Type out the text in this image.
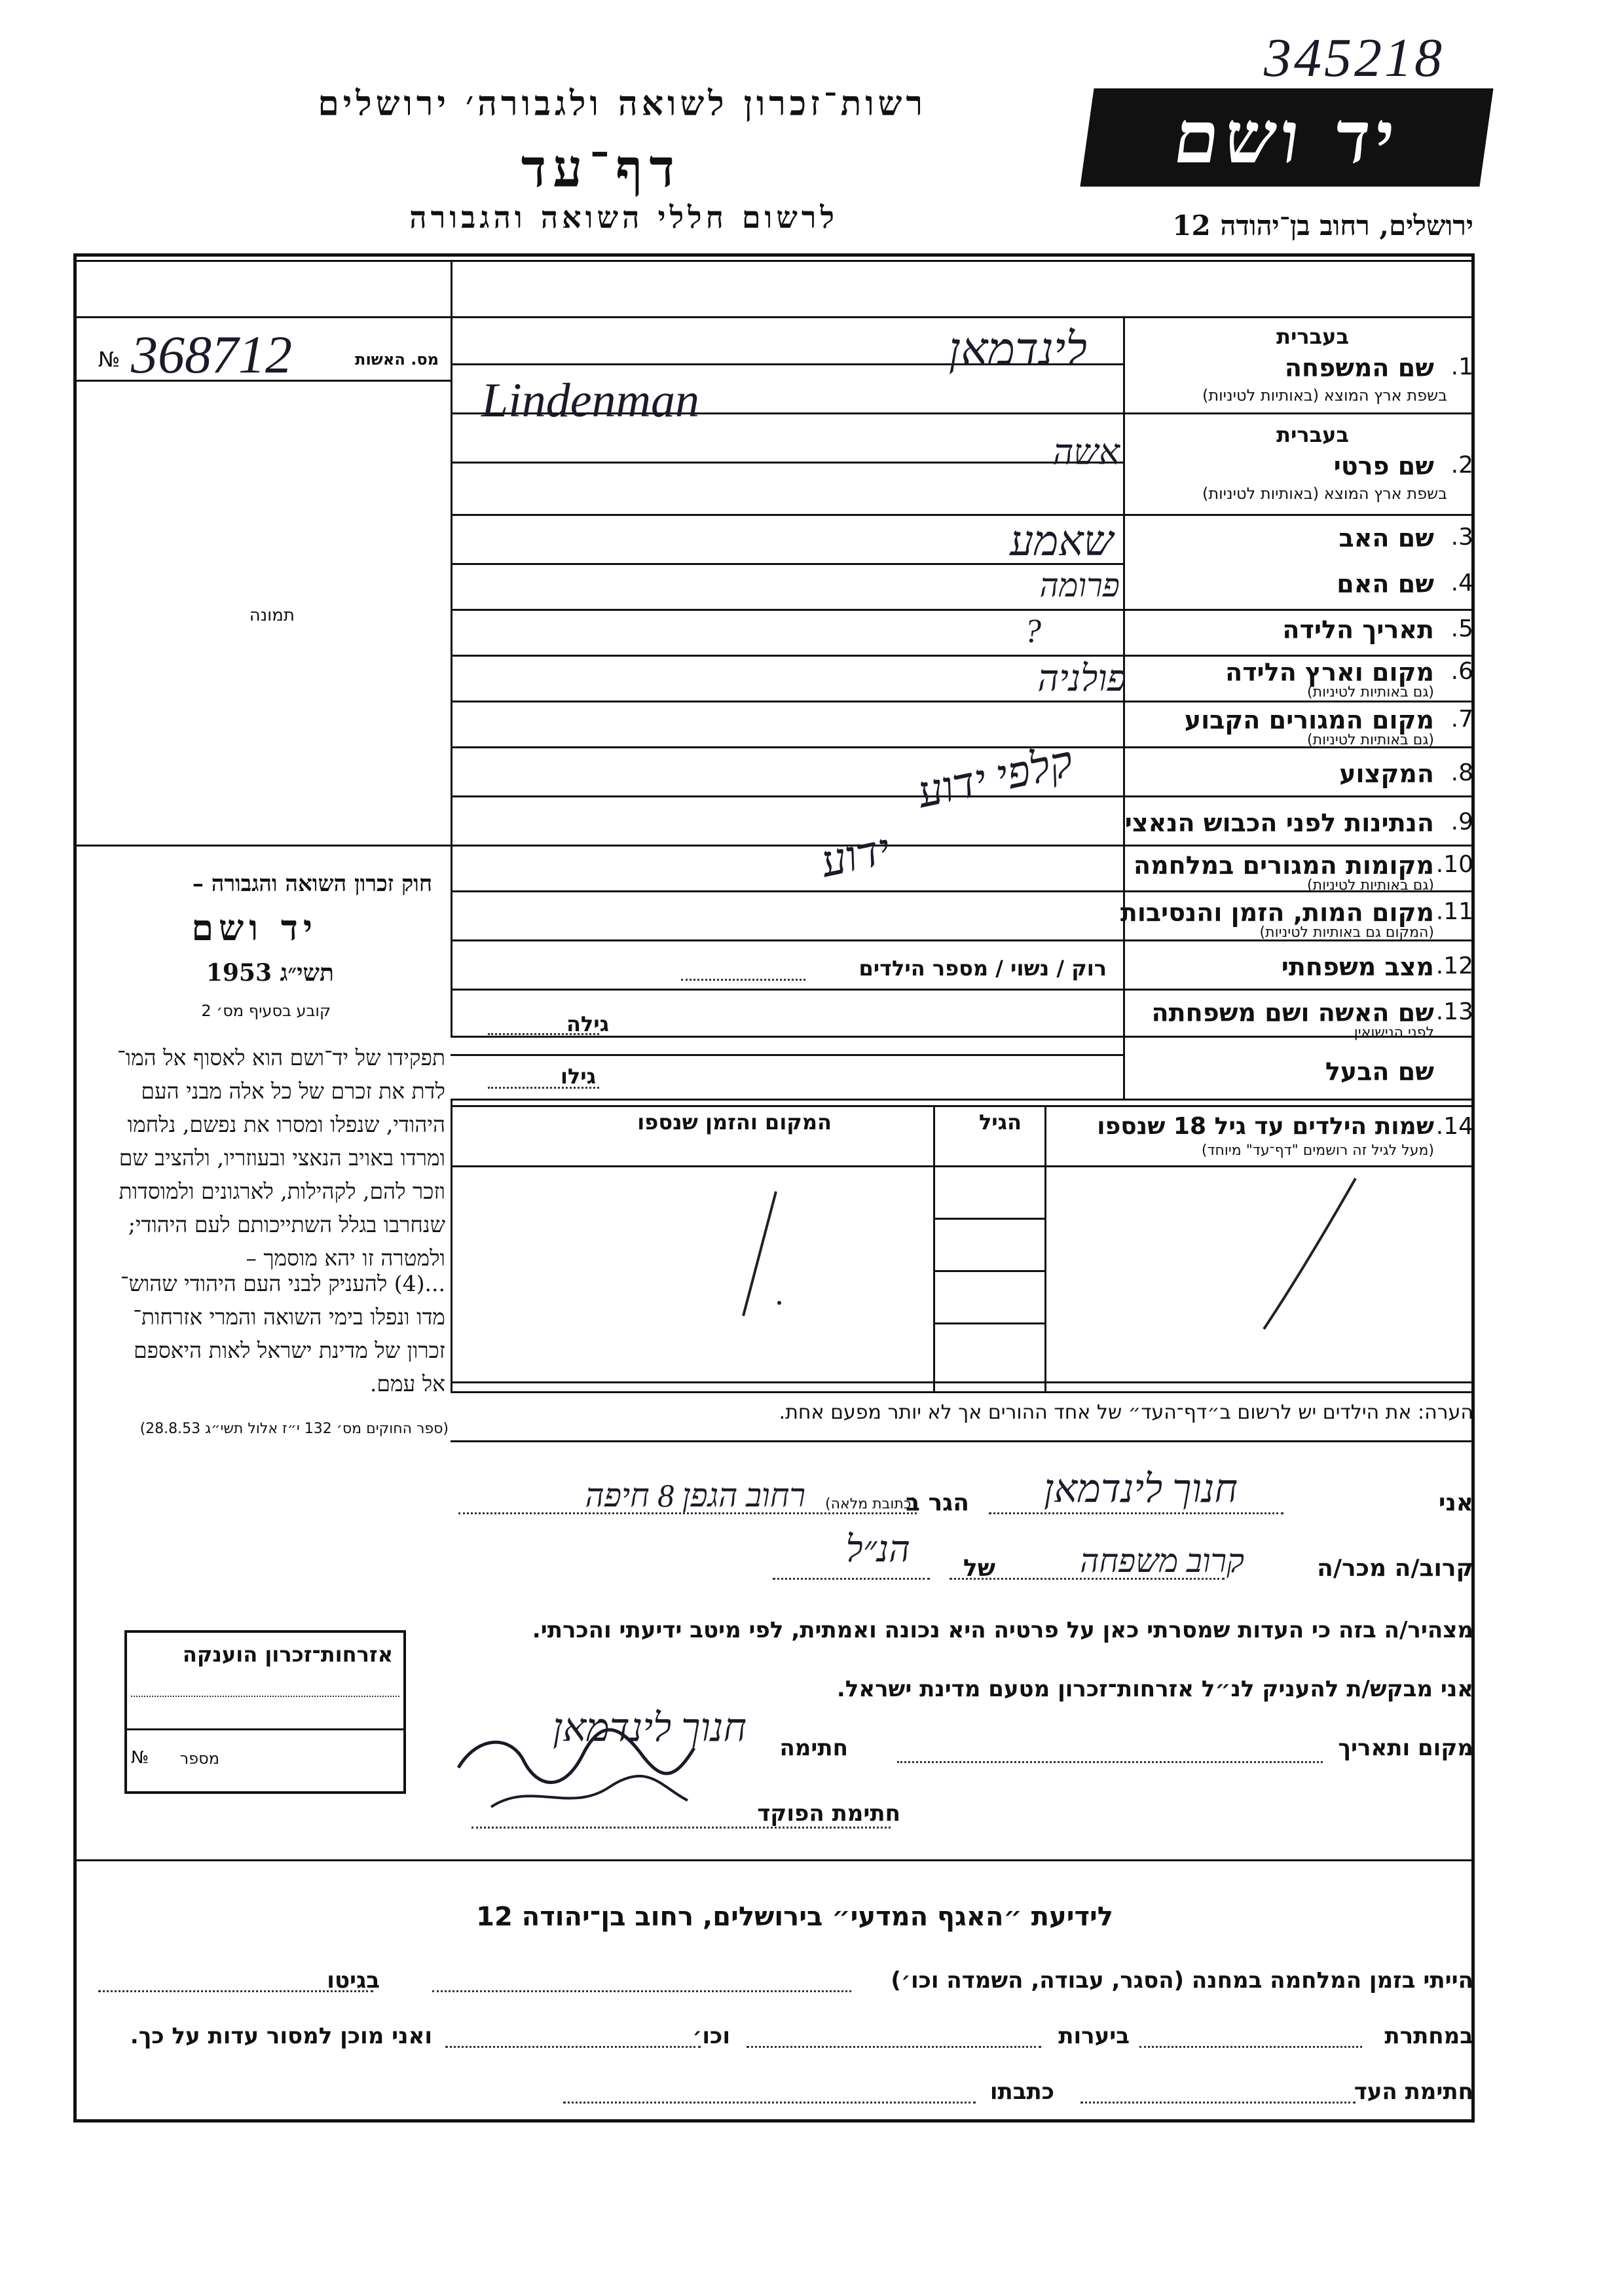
345218
רשות־זכרון לשואה ולגבורה׳ ירושלים
דף־עד
לרשום חללי השואה והגבורה
יד ושם
ירושלים, רחוב בן־יהודה 12
מס. האשות
№ 368712
תמונה
חוק זכרון השואה והגבורה –
יד ושם
תשי״ג 1953
קובע בסעיף מס׳ 2
תפקידו של יד־ושם הוא לאסוף אל המו־
לדת את זכרם של כל אלה מבני העם
היהודי, שנפלו ומסרו את נפשם, נלחמו
ומרדו באויב הנאצי ובעוזריו, ולהציב שם
וזכר להם, לקהילות, לארגונים ולמוסדות
שנחרבו בגלל השתייכותם לעם היהודי;
ולמטרה זו יהא מוסמך –
...(4) להעניק לבני העם היהודי שהוש־
מדו ונפלו בימי השואה והמרי אזרחות־
זכרון של מדינת ישראל לאות היאספם
אל עמם.
(ספר החוקים מס׳ 132 י״ז אלול תשי״ג 28.8.53)
בעברית
1.
שם המשפחה
בשפת ארץ המוצא (באותיות לטיניות)
לינדמאן
Lindenman
בעברית
2.
שם פרטי
בשפת ארץ המוצא (באותיות לטיניות)
אשה
3.
שם האב
שאמע
4.
שם האם
פרומה
5.
תאריך הלידה
?
6.
מקום וארץ הלידה
(גם באותיות לטיניות)
פולניה
7.
מקום המגורים הקבוע
(גם באותיות לטיניות)
8.
המקצוע
קלפי ידוע
9.
הנתינות לפני הכבוש הנאצי
10.
מקומות המגורים במלחמה
(גם באותיות לטיניות)
ידוע
11.
מקום המות, הזמן והנסיבות
(המקום גם באותיות לטיניות)
12.
מצב משפחתי
רוק / נשוי / מספר הילדים
13.
שם האשה ושם משפחתה
לפני הנישואין
גילה
שם הבעל
גילו
14.
שמות הילדים עד גיל 18 שנספו
(מעל לגיל זה רושמים "דף־עד" מיוחד)
הגיל
המקום והזמן שנספו
הערה: את הילדים יש לרשום ב״דף־העד״ של אחד ההורים אך לא יותר מפעם אחת.
אני
חנוך לינדמאן
הגר ב
(כתובת מלאה)
רחוב הגפן 8 חיפה
קרוב/ה מכר/ה
קרוב משפחה
של
הנ״ל
מצהיר/ה בזה כי העדות שמסרתי כאן על פרטיה היא נכונה ואמתית, לפי מיטב ידיעתי והכרתי.
אני מבקש/ת להעניק לנ״ל אזרחות־זכרון מטעם מדינת ישראל.
מקום ותאריך
חתימה
חנוך לינדמאן
חתימת הפוקד
אזרחות־זכרון הוענקה
מספר
№
לידיעת ״האגף המדעי״ בירושלים, רחוב בן־יהודה 12
הייתי בזמן המלחמה במחנה (הסגר, עבודה, השמדה וכו׳)
בגיטו
במחתרת
ביערות
וכו׳
ואני מוכן למסור עדות על כך.
חתימת העד
כתבתו
